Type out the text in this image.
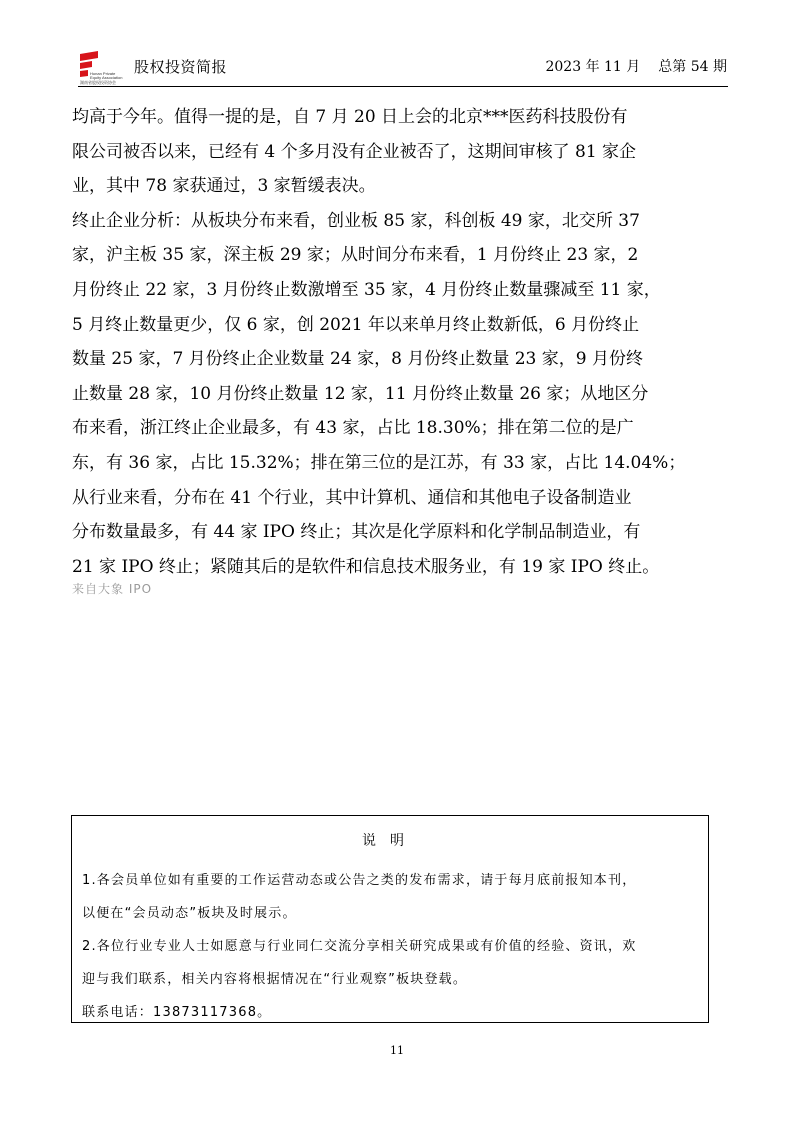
Hunan Private
Equity Association
湖南省股权投资协会
股权投资简报	2023 年 11 月 总第 54 期

均高于今年。值得一提的是，自 7 月 20 日上会的北京***医药科技股份有
限公司被否以来，已经有 4 个多月没有企业被否了，这期间审核了 81 家企
业，其中 78 家获通过，3 家暂缓表决。

终止企业分析：从板块分布来看，创业板 85 家，科创板 49 家，北交所 37
家，沪主板 35 家，深主板 29 家；从时间分布来看，1 月份终止 23 家，2
月份终止 22 家，3 月份终止数激增至 35 家，4 月份终止数量骤减至 11 家，
5 月终止数量更少，仅 6 家，创 2021 年以来单月终止数新低，6 月份终止
数量 25 家，7 月份终止企业数量 24 家，8 月份终止数量 23 家，9 月份终
止数量 28 家，10 月份终止数量 12 家，11 月份终止数量 26 家；从地区分
布来看，浙江终止企业最多，有 43 家，占比 18.30%；排在第二位的是广
东，有 36 家，占比 15.32%；排在第三位的是江苏，有 33 家，占比 14.04%；
从行业来看，分布在 41 个行业，其中计算机、通信和其他电子设备制造业
分布数量最多，有 44 家 IPO 终止；其次是化学原料和化学制品制造业，有
21 家 IPO 终止；紧随其后的是软件和信息技术服务业，有 19 家 IPO 终止。

来自大象 IPO
说明

1.各会员单位如有重要的工作运营动态或公告之类的发布需求，请于每月底前报知本刊，
以便在“会员动态”板块及时展示。

2.各位行业专业人士如愿意与行业同仁交流分享相关研究成果或有价值的经验、资讯，欢
迎与我们联系，相关内容将根据情况在“行业观察”板块登载。

联系电话：13873117368。

11
